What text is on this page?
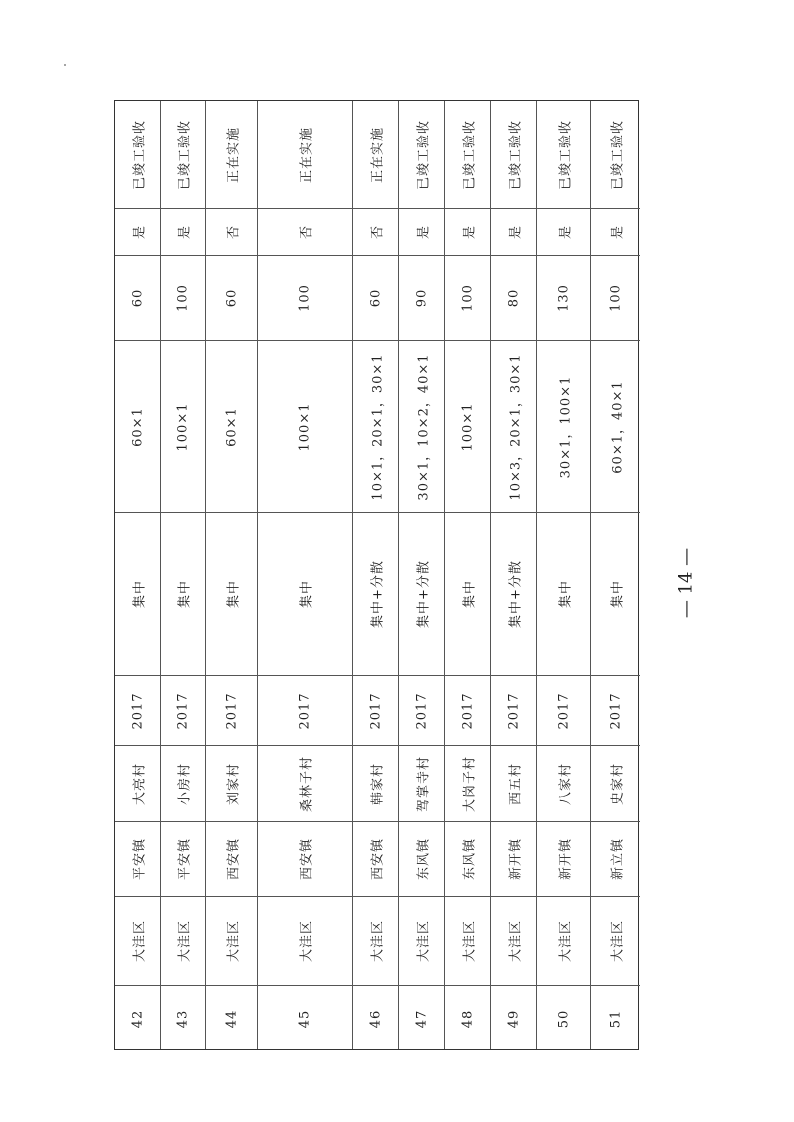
已竣工验收
是
60
60×1
集中
2017
大亮村
平安镇
大洼区
42
已竣工验收
是
100
100×1
集中
2017
小房村
平安镇
大洼区
43
正在实施
否
60
60×1
集中
2017
刘家村
西安镇
大洼区
44
正在实施
否
100
100×1
集中
2017
桑林子村
西安镇
大洼区
45
正在实施
否
60
10×1，20×1，30×1
集中+分散
2017
韩家村
西安镇
大洼区
46
已竣工验收
是
90
30×1，10×2，40×1
集中+分散
2017
驾掌寺村
东风镇
大洼区
47
已竣工验收
是
100
100×1
集中
2017
大岗子村
东风镇
大洼区
48
已竣工验收
是
80
10×3，20×1，30×1
集中+分散
2017
西五村
新开镇
大洼区
49
已竣工验收
是
130
30×1，100×1
集中
2017
八家村
新开镇
大洼区
50
已竣工验收
是
100
60×1，40×1
集中
2017
史家村
新立镇
大洼区
51
— 14 —
